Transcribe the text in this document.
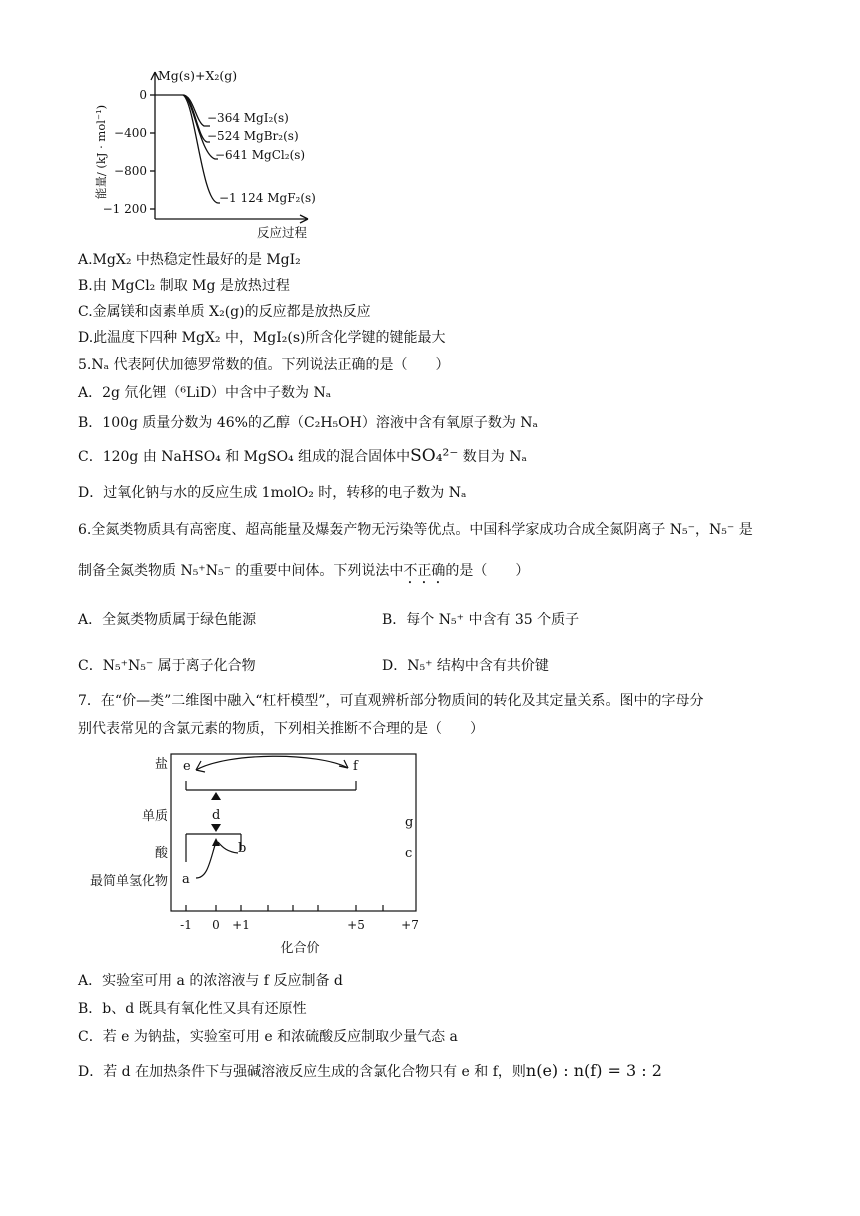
Mg(s)+X₂(g)
0
−400
−800
−1 200
−364 MgI₂(s)
−524 MgBr₂(s)
−641 MgCl₂(s)
−1 124 MgF₂(s)
能量/ (kJ · mol⁻¹)
反应过程
A.MgX₂ 中热稳定性最好的是 MgI₂
B.由 MgCl₂ 制取 Mg 是放热过程
C.金属镁和卤素单质 X₂(g)的反应都是放热反应
D.此温度下四种 MgX₂ 中，MgI₂(s)所含化学键的键能最大
5.Nₐ 代表阿伏加德罗常数的值。下列说法正确的是（　　）
A．2g 氘化锂（⁶LiD）中含中子数为 Nₐ
B．100g 质量分数为 46%的乙醇（C₂H₅OH）溶液中含有氧原子数为 Nₐ
C．120g 由 NaHSO₄ 和 MgSO₄ 组成的混合固体中SO₄²⁻ 数目为 Nₐ
D．过氧化钠与水的反应生成 1molO₂ 时，转移的电子数为 Nₐ
6.全氮类物质具有高密度、超高能量及爆轰产物无污染等优点。中国科学家成功合成全氮阴离子 N₅⁻，N₅⁻ 是
制备全氮类物质 N₅⁺N₅⁻ 的重要中间体。下列说法中不正确的是（　　）
A．全氮类物质属于绿色能源	B．每个 N₅⁺ 中含有 35 个质子
C．N₅⁺N₅⁻ 属于离子化合物	D．N₅⁺ 结构中含有共价键
7．在“价—类”二维图中融入“杠杆模型”，可直观辨析部分物质间的转化及其定量关系。图中的字母分
别代表常见的含氯元素的物质，下列相关推断不合理的是（　　）
盐
单质
酸
最简单氢化物
e	f
g
d
b	c
a
-1 0 +1	+5	+7
化合价
A．实验室可用 a 的浓溶液与 f 反应制备 d
B．b、d 既具有氧化性又具有还原性
C．若 e 为钠盐，实验室可用 e 和浓硫酸反应制取少量气态 a
D．若 d 在加热条件下与强碱溶液反应生成的含氯化合物只有 e 和 f，则n(e) : n(f) = 3 : 2
